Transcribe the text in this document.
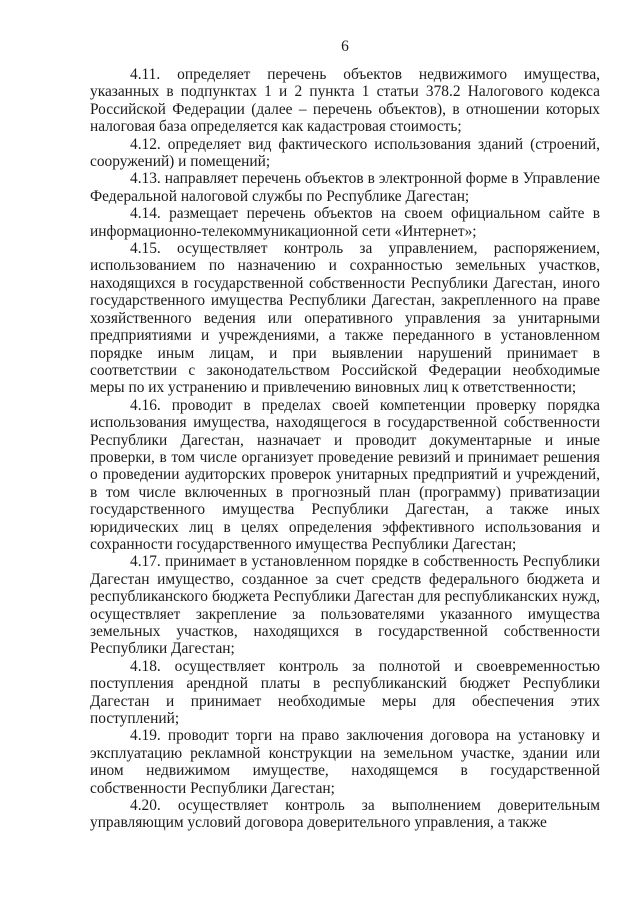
6

4.11. определяет перечень объектов недвижимого имущества, указанных в подпунктах 1 и 2 пункта 1 статьи 378.2 Налогового кодекса Российской Федерации (далее – перечень объектов), в отношении которых налоговая база определяется как кадастровая стоимость;

4.12. определяет вид фактического использования зданий (строений, сооружений) и помещений;

4.13. направляет перечень объектов в электронной форме в Управление Федеральной налоговой службы по Республике Дагестан;

4.14. размещает перечень объектов на своем официальном сайте в информационно-телекоммуникационной сети «Интернет»;

4.15. осуществляет контроль за управлением, распоряжением, использованием по назначению и сохранностью земельных участков, находящихся в государственной собственности Республики Дагестан, иного государственного имущества Республики Дагестан, закрепленного на праве хозяйственного ведения или оперативного управления за унитарными предприятиями и учреждениями, а также переданного в установленном порядке иным лицам, и при выявлении нарушений принимает в соответствии с законодательством Российской Федерации необходимые меры по их устранению и привлечению виновных лиц к ответственности;

4.16. проводит в пределах своей компетенции проверку порядка использования имущества, находящегося в государственной собственности Республики Дагестан, назначает и проводит документарные и иные проверки, в том числе организует проведение ревизий и принимает решения о проведении аудиторских проверок унитарных предприятий и учреждений, в том числе включенных в прогнозный план (программу) приватизации государственного имущества Республики Дагестан, а также иных юридических лиц в целях определения эффективного использования и сохранности государственного имущества Республики Дагестан;

4.17. принимает в установленном порядке в собственность Республики Дагестан имущество, созданное за счет средств федерального бюджета и республиканского бюджета Республики Дагестан для республиканских нужд, осуществляет закрепление за пользователями указанного имущества земельных участков, находящихся в государственной собственности Республики Дагестан;

4.18. осуществляет контроль за полнотой и своевременностью поступления арендной платы в республиканский бюджет Республики Дагестан и принимает необходимые меры для обеспечения этих поступлений;

4.19. проводит торги на право заключения договора на установку и эксплуатацию рекламной конструкции на земельном участке, здании или ином недвижимом имуществе, находящемся в государственной собственности Республики Дагестан;

4.20. осуществляет контроль за выполнением доверительным управляющим условий договора доверительного управления, а также
